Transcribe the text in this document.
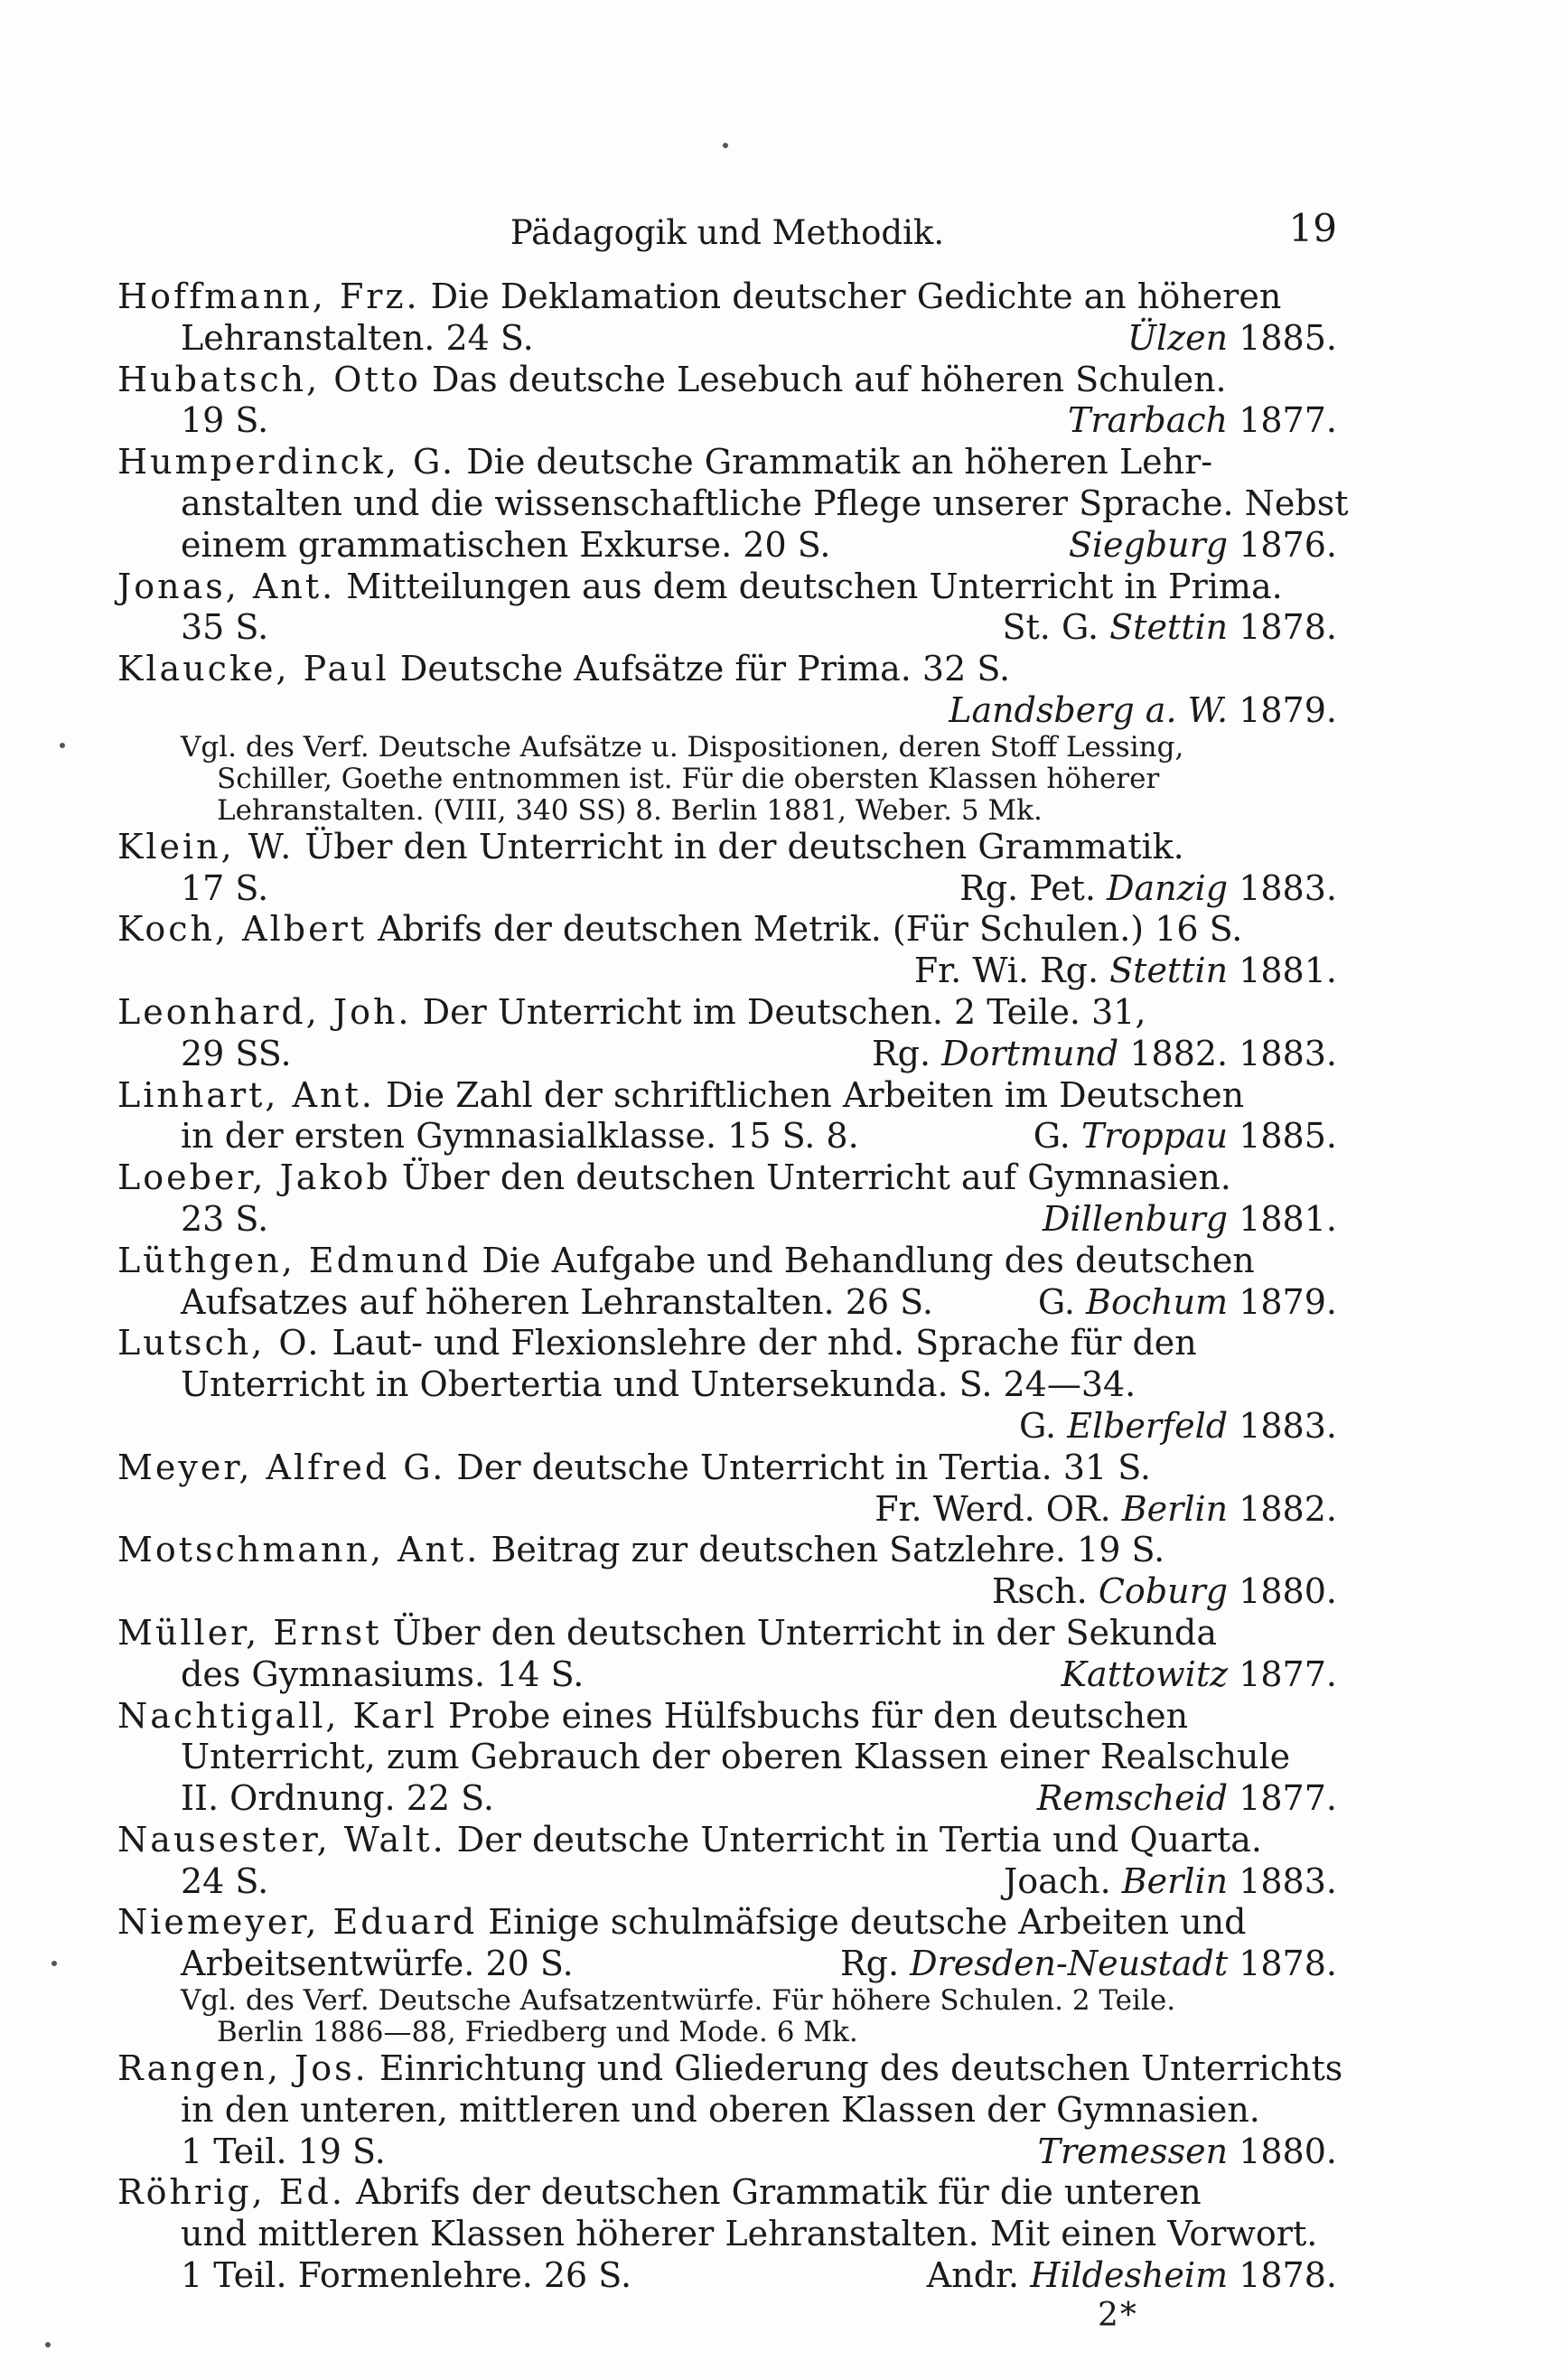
Pädagogik und Methodik.	19
Hoffmann, Frz. Die Deklamation deutscher Gedichte an höheren
Lehranstalten. 24 S.	Ülzen 1885.
Hubatsch, Otto Das deutsche Lesebuch auf höheren Schulen.
19 S.	Trarbach 1877.
Humperdinck, G. Die deutsche Grammatik an höheren Lehr-
anstalten und die wissenschaftliche Pflege unserer Sprache. Nebst
einem grammatischen Exkurse. 20 S.	Siegburg 1876.
Jonas, Ant. Mitteilungen aus dem deutschen Unterricht in Prima.
35 S.	St. G. Stettin 1878.
Klaucke, Paul Deutsche Aufsätze für Prima. 32 S.
Landsberg a. W. 1879.
Vgl. des Verf. Deutsche Aufsätze u. Dispositionen, deren Stoff Lessing,
Schiller, Goethe entnommen ist. Für die obersten Klassen höherer
Lehranstalten. (VIII, 340 SS) 8. Berlin 1881, Weber. 5 Mk.
Klein, W. Über den Unterricht in der deutschen Grammatik.
17 S.	Rg. Pet. Danzig 1883.
Koch, Albert Abrifs der deutschen Metrik. (Für Schulen.) 16 S.
Fr. Wi. Rg. Stettin 1881.
Leonhard, Joh. Der Unterricht im Deutschen. 2 Teile. 31,
29 SS.	Rg. Dortmund 1882. 1883.
Linhart, Ant. Die Zahl der schriftlichen Arbeiten im Deutschen
in der ersten Gymnasialklasse. 15 S. 8.	G. Troppau 1885.
Loeber, Jakob Über den deutschen Unterricht auf Gymnasien.
23 S.	Dillenburg 1881.
Lüthgen, Edmund Die Aufgabe und Behandlung des deutschen
Aufsatzes auf höheren Lehranstalten. 26 S.	G. Bochum 1879.
Lutsch, O. Laut- und Flexionslehre der nhd. Sprache für den
Unterricht in Obertertia und Untersekunda. S. 24—34.
G. Elberfeld 1883.
Meyer, Alfred G. Der deutsche Unterricht in Tertia. 31 S.
Fr. Werd. OR. Berlin 1882.
Motschmann, Ant. Beitrag zur deutschen Satzlehre. 19 S.
Rsch. Coburg 1880.
Müller, Ernst Über den deutschen Unterricht in der Sekunda
des Gymnasiums. 14 S.	Kattowitz 1877.
Nachtigall, Karl Probe eines Hülfsbuchs für den deutschen
Unterricht, zum Gebrauch der oberen Klassen einer Realschule
II. Ordnung. 22 S.	Remscheid 1877.
Nausester, Walt. Der deutsche Unterricht in Tertia und Quarta.
24 S.	Joach. Berlin 1883.
Niemeyer, Eduard Einige schulmäfsige deutsche Arbeiten und
Arbeitsentwürfe. 20 S.	Rg. Dresden-Neustadt 1878.
Vgl. des Verf. Deutsche Aufsatzentwürfe. Für höhere Schulen. 2 Teile.
Berlin 1886—88, Friedberg und Mode. 6 Mk.
Rangen, Jos. Einrichtung und Gliederung des deutschen Unterrichts
in den unteren, mittleren und oberen Klassen der Gymnasien.
1 Teil. 19 S.	Tremessen 1880.
Röhrig, Ed. Abrifs der deutschen Grammatik für die unteren
und mittleren Klassen höherer Lehranstalten. Mit einen Vorwort.
1 Teil. Formenlehre. 26 S.	Andr. Hildesheim 1878.
2*
